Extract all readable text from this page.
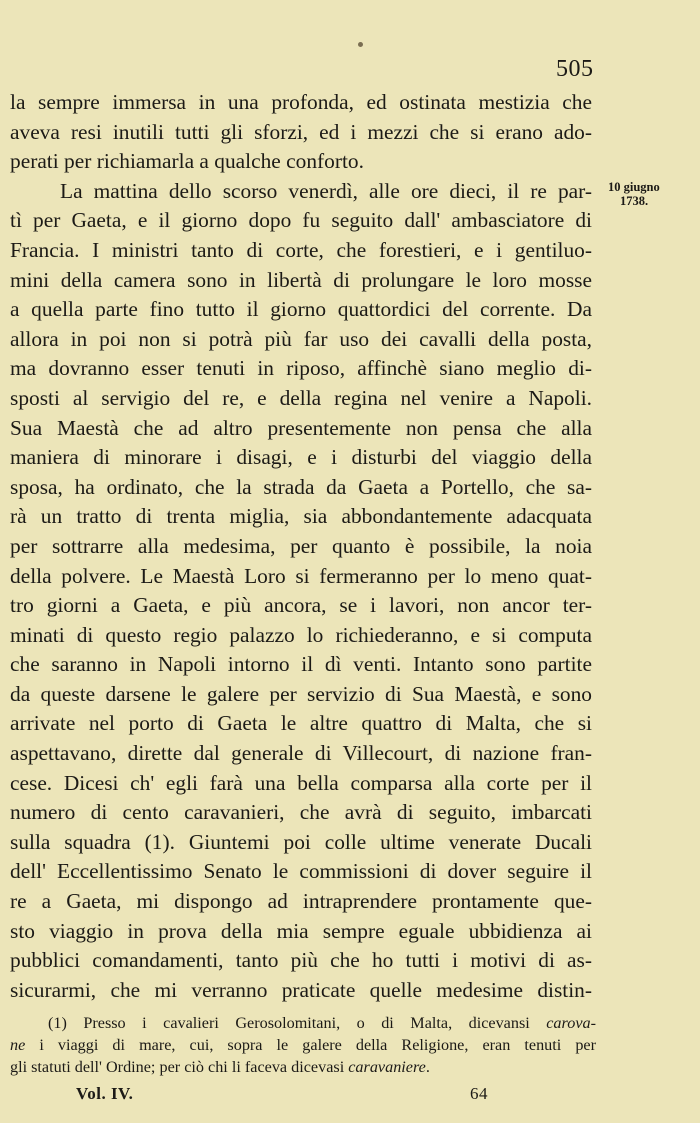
505
10 giugno
1738.
la sempre immersa in una profonda, ed ostinata mestizia che
aveva resi inutili tutti gli sforzi, ed i mezzi che si erano ado-
perati per richiamarla a qualche conforto.
La mattina dello scorso venerdì, alle ore dieci, il re par-
tì per Gaeta, e il giorno dopo fu seguito dall' ambasciatore di
Francia. I ministri tanto di corte, che forestieri, e i gentiluo-
mini della camera sono in libertà di prolungare le loro mosse
a quella parte fino tutto il giorno quattordici del corrente. Da
allora in poi non si potrà più far uso dei cavalli della posta,
ma dovranno esser tenuti in riposo, affinchè siano meglio di-
sposti al servigio del re, e della regina nel venire a Napoli.
Sua Maestà che ad altro presentemente non pensa che alla
maniera di minorare i disagi, e i disturbi del viaggio della
sposa, ha ordinato, che la strada da Gaeta a Portello, che sa-
rà un tratto di trenta miglia, sia abbondantemente adacquata
per sottrarre alla medesima, per quanto è possibile, la noia
della polvere. Le Maestà Loro si fermeranno per lo meno quat-
tro giorni a Gaeta, e più ancora, se i lavori, non ancor ter-
minati di questo regio palazzo lo richiederanno, e si computa
che saranno in Napoli intorno il dì venti. Intanto sono partite
da queste darsene le galere per servizio di Sua Maestà, e sono
arrivate nel porto di Gaeta le altre quattro di Malta, che si
aspettavano, dirette dal generale di Villecourt, di nazione fran-
cese. Dicesi ch' egli farà una bella comparsa alla corte per il
numero di cento caravanieri, che avrà di seguito, imbarcati
sulla squadra (1). Giuntemi poi colle ultime venerate Ducali
dell' Eccellentissimo Senato le commissioni di dover seguire il
re a Gaeta, mi dispongo ad intraprendere prontamente que-
sto viaggio in prova della mia sempre eguale ubbidienza ai
pubblici comandamenti, tanto più che ho tutti i motivi di as-
sicurarmi, che mi verranno praticate quelle medesime distin-
(1) Presso i cavalieri Gerosolomitani, o di Malta, dicevansi carova-
ne i viaggi di mare, cui, sopra le galere della Religione, eran tenuti per
gli statuti dell' Ordine; per ciò chi li faceva dicevasi caravaniere.
Vol. IV.	64
